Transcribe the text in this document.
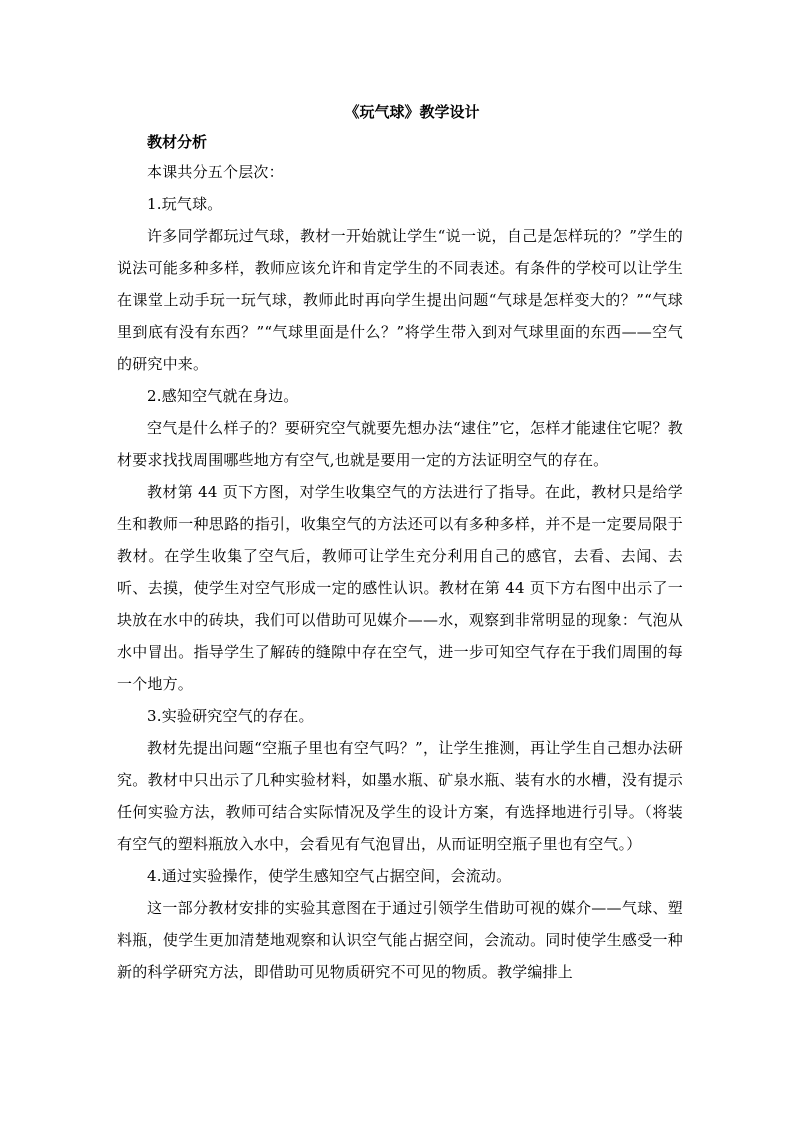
《玩气球》教学设计
教材分析

本课共分五个层次：

1.玩气球。

许多同学都玩过气球，教材一开始就让学生“说一说，自己是怎样玩的？”学生的说法可能多种多样，教师应该允许和肯定学生的不同表述。有条件的学校可以让学生在课堂上动手玩一玩气球，教师此时再向学生提出问题“气球是怎样变大的？”“气球里到底有没有东西？”“气球里面是什么？”将学生带入到对气球里面的东西——空气的研究中来。

2.感知空气就在身边。

空气是什么样子的？要研究空气就要先想办法“逮住”它，怎样才能逮住它呢？教材要求找找周围哪些地方有空气,也就是要用一定的方法证明空气的存在。

教材第 44 页下方图，对学生收集空气的方法进行了指导。在此，教材只是给学生和教师一种思路的指引，收集空气的方法还可以有多种多样，并不是一定要局限于教材。在学生收集了空气后，教师可让学生充分利用自己的感官，去看、去闻、去听、去摸，使学生对空气形成一定的感性认识。教材在第 44 页下方右图中出示了一块放在水中的砖块，我们可以借助可见媒介——水，观察到非常明显的现象：气泡从水中冒出。指导学生了解砖的缝隙中存在空气，进一步可知空气存在于我们周围的每一个地方。

3.实验研究空气的存在。

教材先提出问题“空瓶子里也有空气吗？”，让学生推测，再让学生自己想办法研究。教材中只出示了几种实验材料，如墨水瓶、矿泉水瓶、装有水的水槽，没有提示任何实验方法，教师可结合实际情况及学生的设计方案，有选择地进行引导。（将装有空气的塑料瓶放入水中，会看见有气泡冒出，从而证明空瓶子里也有空气。）

4.通过实验操作，使学生感知空气占据空间，会流动。

这一部分教材安排的实验其意图在于通过引领学生借助可视的媒介——气球、塑料瓶，使学生更加清楚地观察和认识空气能占据空间，会流动。同时使学生感受一种新的科学研究方法，即借助可见物质研究不可见的物质。教学编排上
